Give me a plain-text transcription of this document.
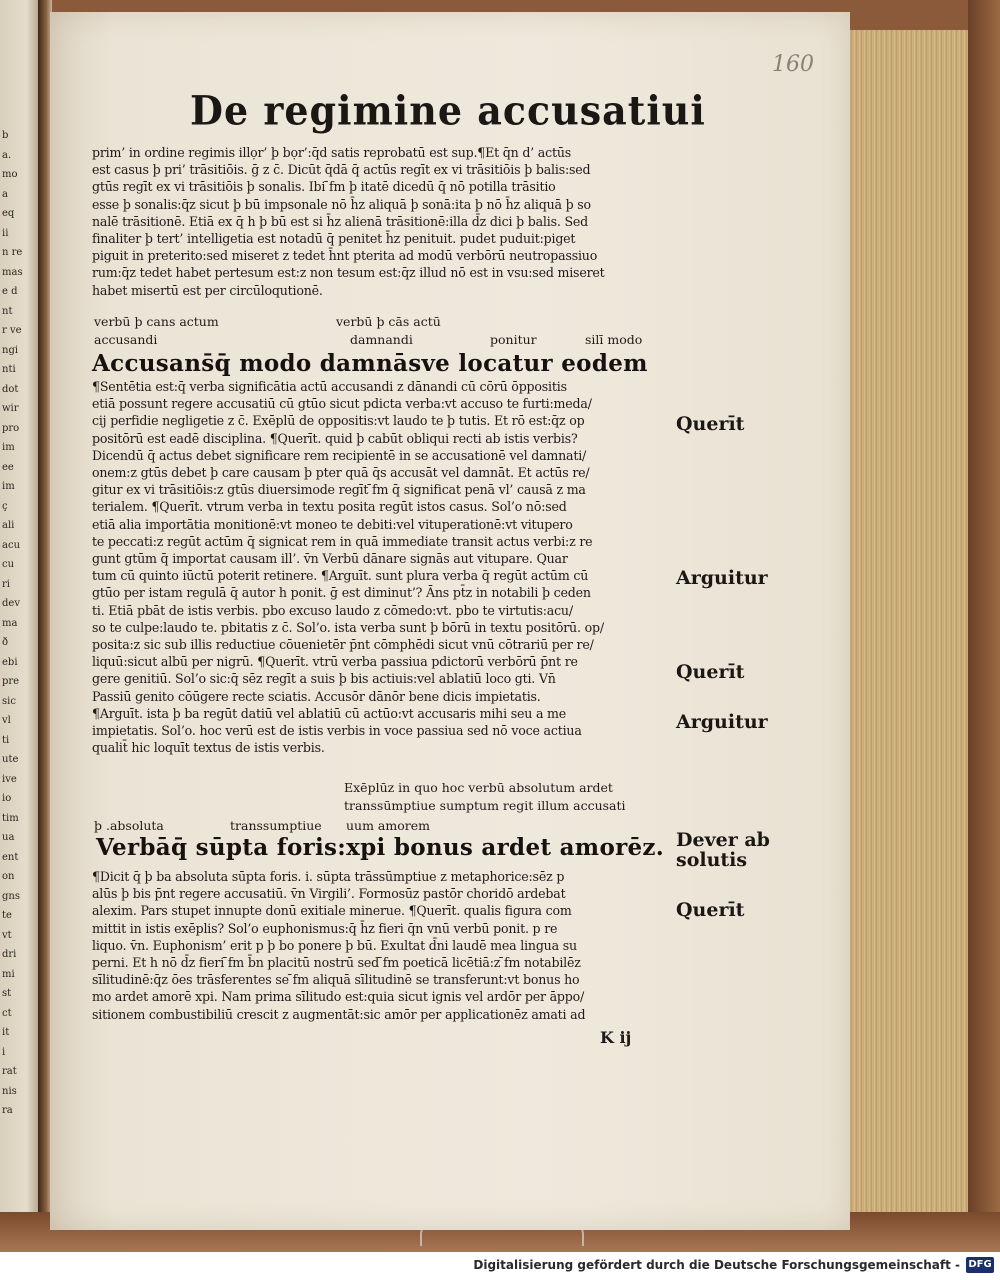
b
a.
mo
a
eq
ii
n re
mas
e d
nt
r ve
ngi
nti
dot
wir
pro
im
ee
im
ç
ali
acu
cu
ri
dev
ma
ð
ebi
pre
sic
vl
ti
ute
ive
io
tim
ua
ent
on
gns
te
vt
dri
mi
st
ct
it
i
rat
nis
ra
160
De regimine accusatiui
prim’ in ordine regimis illọr’ þ bọr’:q̄d satis reprobatū est sup.¶Et q̄n d’ actūs
est casus þ pri’ trāsitiōis. ḡ z c̄. Dicūt q̄dā q̄ actūs regīt ex vi trāsitiōis þ balis:sed
gtūs regīt ex vi trāsitiōis þ sonalis. Ibi ̄fm þ itatē dicedū q̄ nō potilla trāsitio
esse þ sonalis:q̄z sicut þ bū impsonale nō h̄z aliquā þ sonā:ita þ nō h̄z aliquā þ so
nalē trāsitionē. Etiā ex q̄ h þ bū est si h̄z alienā trāsitionē:illa d̄z dici þ balis. Sed
finaliter þ tert’ intelligetia est notadū q̄ penitet h̄z penituit. pudet puduit:piget
piguit in preterito:sed miseret z tedet h̄nt pterita ad modū verbōrū neutropassiuo
rum:q̄z tedet habet pertesum est:z non tesum est:q̄z illud nō est in vsu:sed miseret
habet misertū est per circūloqutionē.
verbū þ cans actum	verbū þ cās actū
accusandi	damnandi	ponitur	silī modo
Accusans̄q̄ modo damnāsve locatur eodem
¶Sentētia est:q̄ verba significātia actū accusandi z dānandi cū cōrū ōppositis
etiā possunt regere accusatiū cū gtūo sicut pdicta verba:vt accuso te furti:meda/
cij perfidie negligetie z c̄. Exēplū de oppositis:vt laudo te þ tutis. Et rō est:q̄z op
positōrū est eadē disciplina. ¶Querīt. quid þ cabūt obliqui recti ab istis verbis?
Dicendū q̄ actus debet significare rem recipientē in se accusationē vel damnati/
onem:z gtūs debet þ care causam þ pter quā q̄s accusāt vel damnāt. Et actūs re/
gitur ex vi trāsitiōis:z gtūs diuersimode regīt ̄fm q̄ significat penā vl’ causā z ma
terialem. ¶Querīt. vtrum verba in textu posita regūt istos casus. Sol’o nō:sed
etiā alia importātia monitionē:vt moneo te debiti:vel vituperationē:vt vitupero
te peccati:z regūt actūm q̄ signicat rem in quā immediate transit actus verbi:z re
gunt gtūm q̄ importat causam ill’. v̄n Verbū dānare signās aut vitupare. Quar
tum cū quinto iūctū poterit retinere. ¶Arguīt. sunt plura verba q̄ regūt actūm cū
gtūo per istam regulā q̄ autor h ponit. ḡ est diminut’? Āns pt̄z in notabili þ ceden
ti. Etiā pbāt de istis verbis. pbo excuso laudo z cōmedo:vt. pbo te virtutis:acu/
so te culpe:laudo te. pbitatis z c̄. Sol’o. ista verba sunt þ bōrū in textu positōrū. op/
posita:z sic sub illis reductiue cōuenietēr p̄nt cōmphēdi sicut vnū cōtrariū per re/
liquū:sicut albū per nigrū. ¶Querīt. vtrū verba passiua pdictorū verbōrū p̄nt re
gere genitiū. Sol’o sic:q̄ sēz regīt a suis þ bis actiuis:vel ablatiū loco gti. Vn̄
Passiū genito cōūgere recte sciatis. Accusōr dānōr bene dicis impietatis.
¶Arguīt. ista þ ba regūt datiū vel ablatiū cū actūo:vt accusaris mihi seu a me
impietatis. Sol’o. hoc verū est de istis verbis in voce passiua sed nō voce actiua
qualit̄ hic loquīt textus de istis verbis.
Exēplūz in quo hoc verbū absolutum ardet
transsūmptiue sumptum regit illum accusati
þ .absoluta	transsumptiue uum amorem
Verbāq̄ sūpta foris:xpi bonus ardet amorēz.
¶Dicit q̄ þ ba absoluta sūpta foris. i. sūpta trāssūmptiue z metaphorice:sēz p
alūs þ bis p̄nt regere accusatiū. v̄n Virgili’. Formosūz pastōr choridō ardebat
alexim. Pars stupet innupte donū exitiale minerue. ¶Querīt. qualis figura com
mittit in istis exēplis? Sol’o euphonismus:q̄ h̄z fieri q̄n vnū verbū ponit. p re
liquo. v̄n. Euphonism’ erit p þ bo ponere þ bū. Exultat d̄ni laudē mea lingua su
perni. Et h nō d̄z fieri ̄fm b̄n placitū nostrū sed ̄fm poeticā licētiā:z ̄fm notabilēz
sīlitudinē:q̄z ōes trāsferentes se ̄fm aliquā sīlitudinē se transferunt:vt bonus ho
mo ardet amorē xpi. Nam prima sīlitudo est:quia sicut ignis vel ardōr per āppo/
sitionem combustibiliū crescit z augmentāt:sic amōr per applicationēz amati ad
Querīt
Arguitur
Querīt
Arguitur
Dever ab
solutis
Querīt
K ij
Digitalisierung gefördert durch die Deutsche Forschungsgemeinschaft - DFG
